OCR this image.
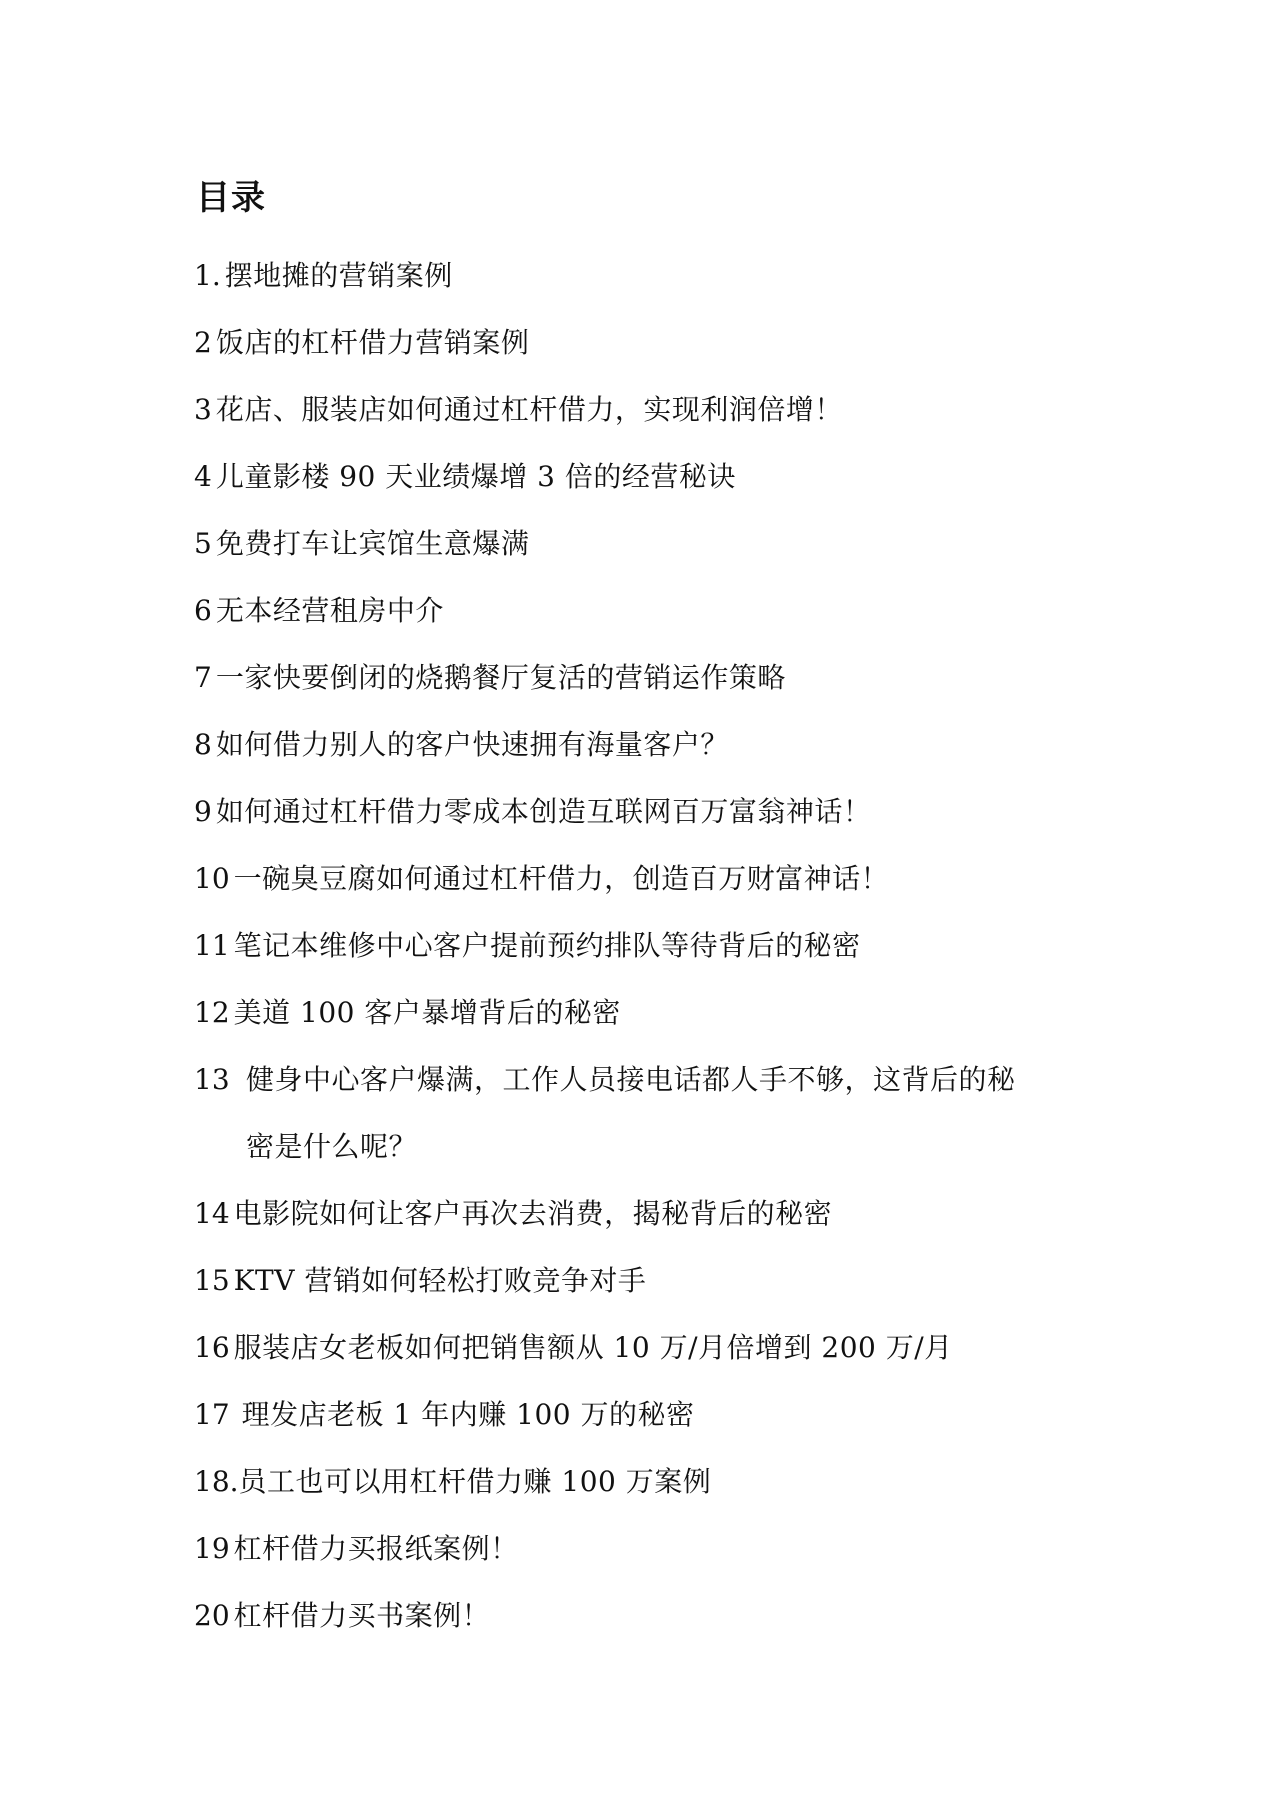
目录
1. 摆地摊的营销案例
2 饭店的杠杆借力营销案例
3 花店、服装店如何通过杠杆借力，实现利润倍增！
4 儿童影楼 90 天业绩爆增 3 倍的经营秘诀
5 免费打车让宾馆生意爆满
6 无本经营租房中介
7 一家快要倒闭的烧鹅餐厅复活的营销运作策略
8 如何借力别人的客户快速拥有海量客户？
9 如何通过杠杆借力零成本创造互联网百万富翁神话！
10 一碗臭豆腐如何通过杠杆借力，创造百万财富神话！
11 笔记本维修中心客户提前预约排队等待背后的秘密
12 美道 100 客户暴增背后的秘密
13 健身中心客户爆满，工作人员接电话都人手不够，这背后的秘密是什么呢？
14 电影院如何让客户再次去消费，揭秘背后的秘密
15 KTV 营销如何轻松打败竞争对手
16 服装店女老板如何把销售额从 10 万/月倍增到 200 万/月
17 理发店老板 1 年内赚 100 万的秘密
18. 员工也可以用杠杆借力赚 100 万案例
19 杠杆借力买报纸案例！
20 杠杆借力买书案例！
